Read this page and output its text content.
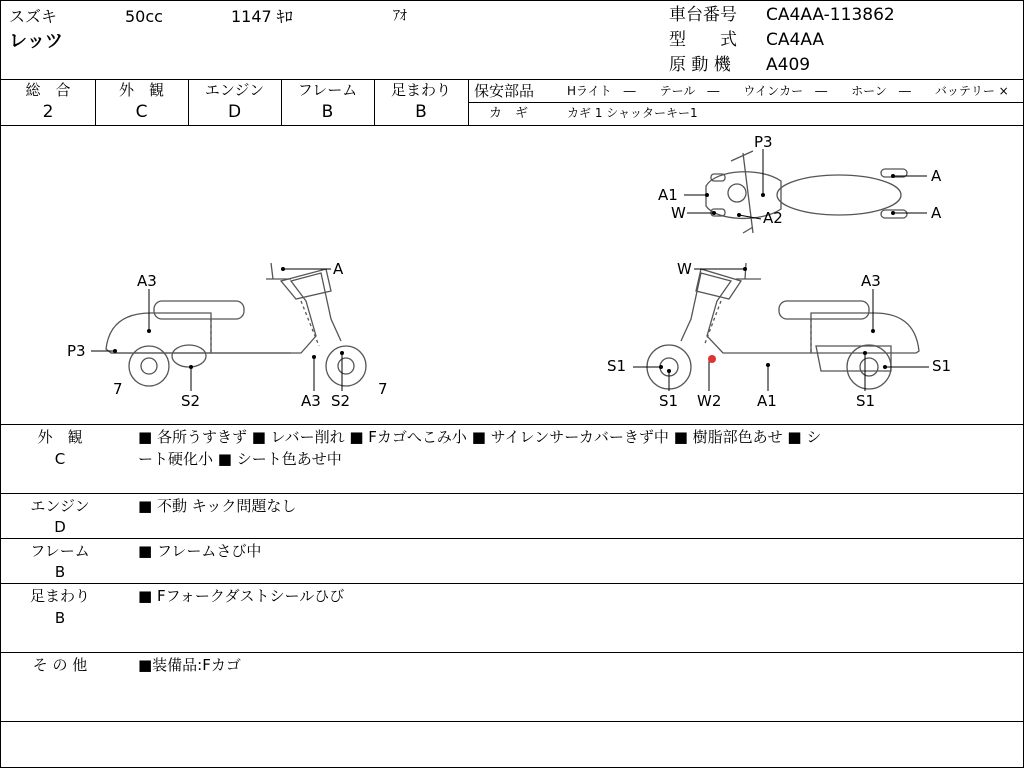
スズキ	50cc	1147 ｷﾛ	ｱｵ
レッツ
車台番号 CA4AA-113862
型　　式 CA4AA
原 動 機 A409
総　合
2
外　観
C
エンジン
D
フレーム
B
足まわり
B
保安部品	Hライト　―　　テール　―　　ウインカー　―　　ホーン　―　　バッテリー ×
カ　ギ	カギ 1 シャッターキー1
A
A3
P3
7
S2	A3 S2
7
P3
A
A1
W	A2	A
W
A3
S1
S1
S1
W2 A1	S1
外　観
C
■ 各所うすきず ■ レバー削れ ■ Fカゴへこみ小 ■ サイレンサーカバーきず中 ■ 樹脂部色あせ ■ シ
ート硬化小 ■ シート色あせ中
エンジン
D
■ 不動 キック問題なし
フレーム
B
■ フレームさび中
足まわり
B
■ Fフォークダストシールひび
そ の 他	■装備品:Fカゴ
